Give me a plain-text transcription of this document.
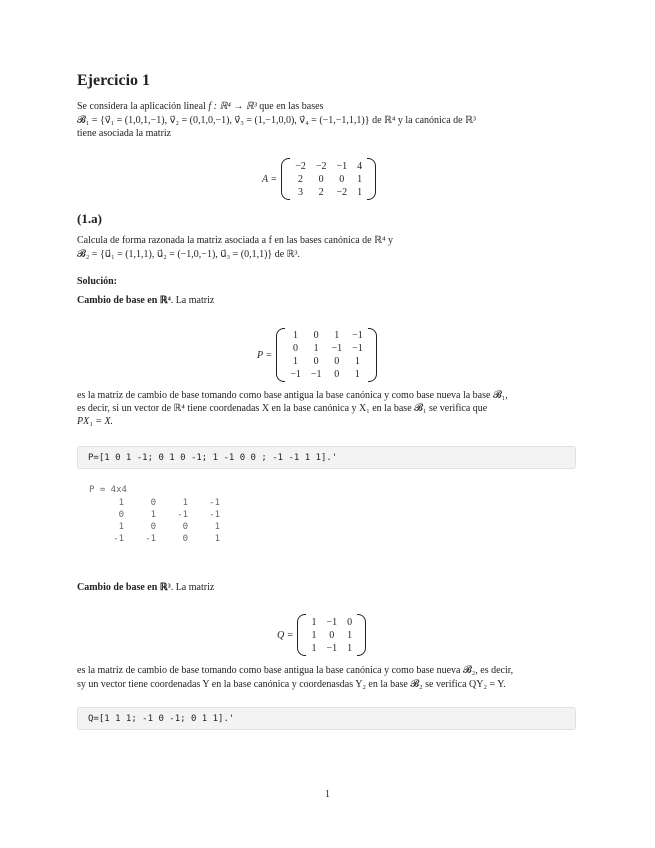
Ejercicio 1
Se considera la aplicación lineal f : ℝ⁴ → ℝ³ que en las bases
𝓑₁ = {v⃗₁ = (1,0,1,−1), v⃗₂ = (0,1,0,−1), v⃗₃ = (1,−1,0,0), v⃗₄ = (−1,−1,1,1)} de ℝ⁴ y la canónica de ℝ³
tiene asociada la matriz
A =
−2	−2	−1	4
2	0	0	1
3	2	−2	1
(1.a)
Calcula de forma razonada la matriz asociada a f en las bases canónica de ℝ⁴ y
𝓑₂ = {u⃗₁ = (1,1,1), u⃗₂ = (−1,0,−1), u⃗₃ = (0,1,1)} de ℝ³.
Solución:
Cambio de base en ℝ⁴. La matriz
P =
1	0	1	−1
0	1	−1	−1
1	0	0	1
−1	−1	0	1
es la matriz de cambio de base tomando como base antigua la base canónica y como base nueva la base 𝓑₁,
es decir, si un vector de ℝ⁴ tiene coordenadas X en la base canónica y X₁ en la base 𝓑₁ se verifica que
PX₁ = X.
P=[1 0 1 -1; 0 1 0 -1; 1 -1 0 0 ; -1 -1 1 1].'
P = 4x4
1	0	1	-1
0	1	-1	-1
1	0	0	1
-1	-1	0	1
Cambio de base en ℝ³. La matriz
Q =
1	−1	0
1	0	1
1	−1	1
es la matriz de cambio de base tomando como base antigua la base canónica y como base nueva 𝓑₂, es decir,
sy un vector tiene coordenadas Y en la base canónica y coordenasdas Y₂ en la base 𝓑₂ se verifica QY₂ = Y.
Q=[1 1 1; -1 0 -1; 0 1 1].'
1
